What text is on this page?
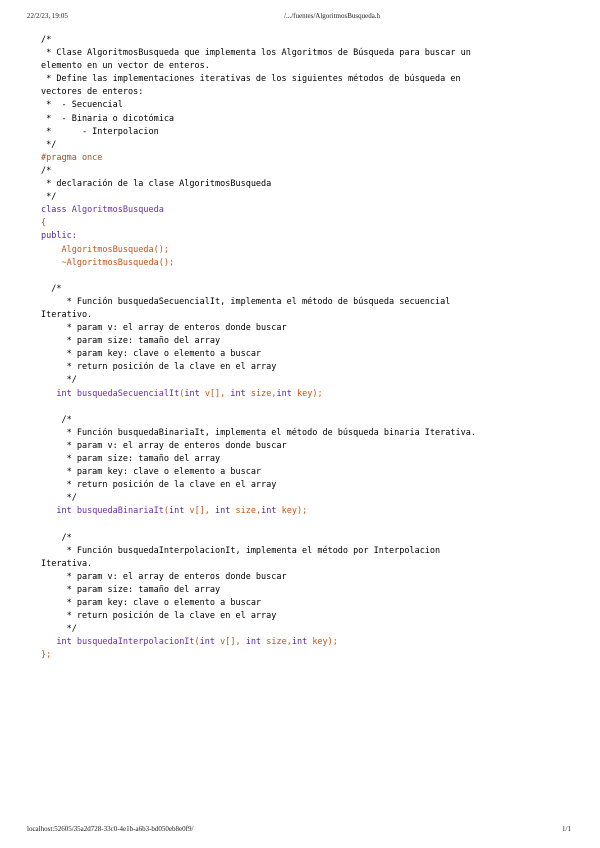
22/2/23, 19:05	/.../fuentes/AlgoritmosBusqueda.h
/*
* Clase AlgoritmosBusqueda que implementa los Algoritmos de Búsqueda para buscar un
elemento en un vector de enteros.
* Define las implementaciones iterativas de los siguientes métodos de búsqueda en
vectores de enteros:
*  - Secuencial
*  - Binaria o dicotómica
*      - Interpolacion
*/
#pragma once
/*
* declaración de la clase AlgoritmosBusqueda
*/
class AlgoritmosBusqueda
{
public:
AlgoritmosBusqueda();
~AlgoritmosBusqueda();
/*
* Función busquedaSecuencialIt, implementa el método de búsqueda secuencial
Iterativo.
* param v: el array de enteros donde buscar
* param size: tamaño del array
* param key: clave o elemento a buscar
* return posición de la clave en el array
*/
int busquedaSecuencialIt(int v[], int size,int key);
/*
* Función busquedaBinariaIt, implementa el método de búsqueda binaria Iterativa.
* param v: el array de enteros donde buscar
* param size: tamaño del array
* param key: clave o elemento a buscar
* return posición de la clave en el array
*/
int busquedaBinariaIt(int v[], int size,int key);
/*
* Función busquedaInterpolacionIt, implementa el método por Interpolacion
Iterativa.
* param v: el array de enteros donde buscar
* param size: tamaño del array
* param key: clave o elemento a buscar
* return posición de la clave en el array
*/
int busquedaInterpolacionIt(int v[], int size,int key);
};
localhost:52605/35a2d728-33c0-4e1b-a6b3-bd050eb8e0f9/	1/1
